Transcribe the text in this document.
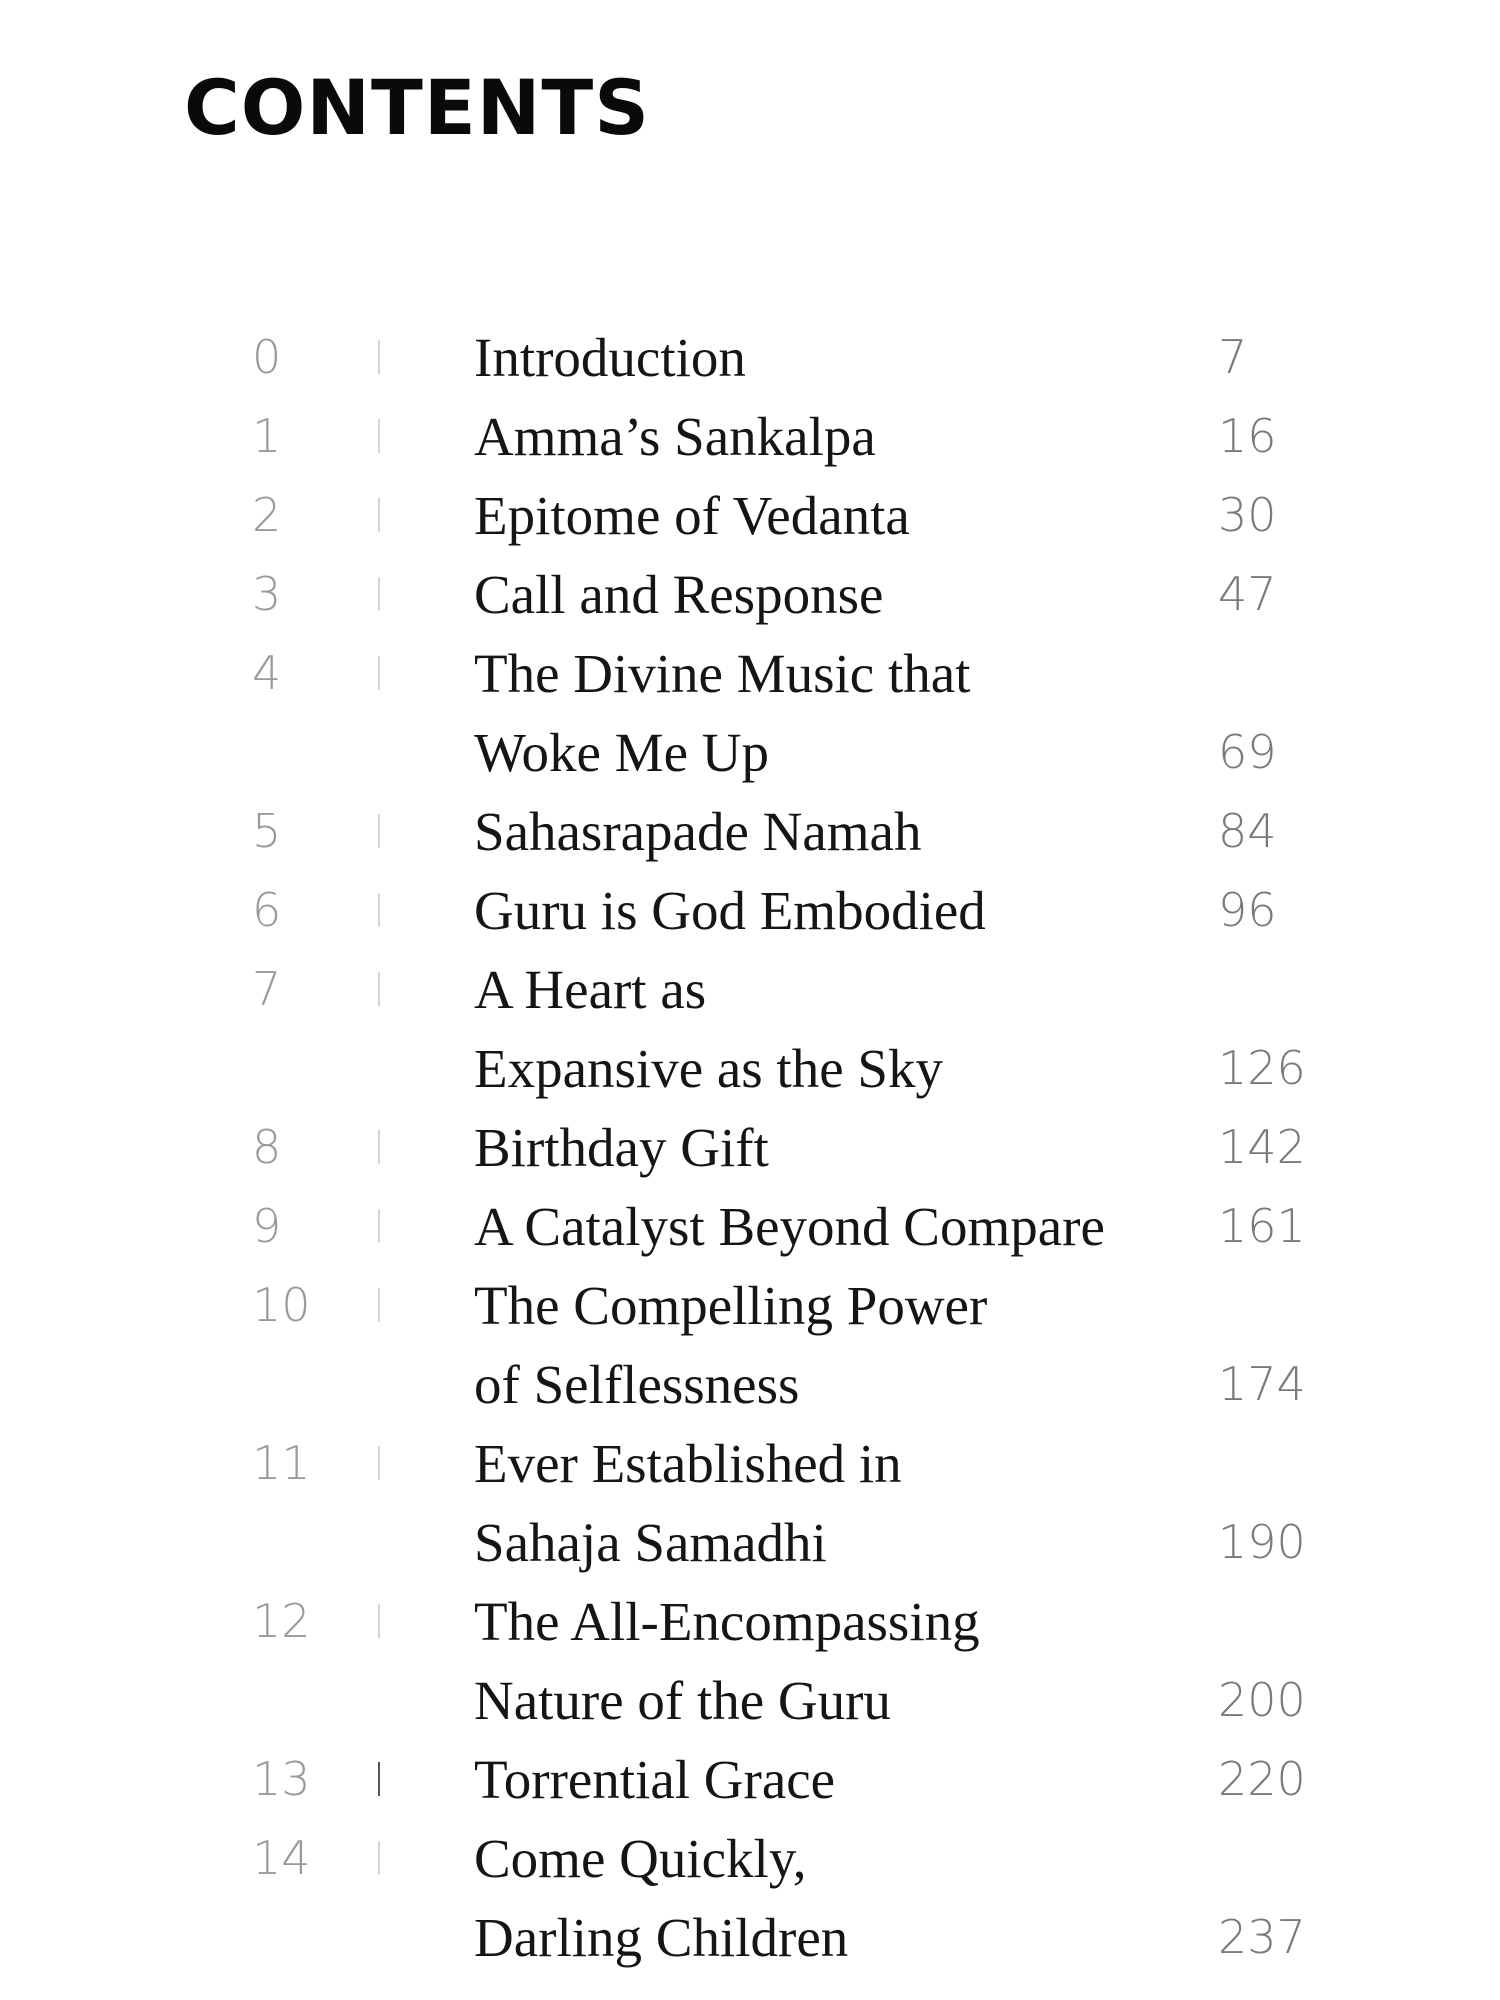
CONTENTS
0	Introduction	7
1	Amma’s Sankalpa	16
2	Epitome of Vedanta	30
3	Call and Response	47
4	The Divine Music that
Woke Me Up	69
5	Sahasrapade Namah	84
6	Guru is God Embodied	96
7	A Heart as
Expansive as the Sky	126
8	Birthday Gift	142
9	A Catalyst Beyond Compare 161
10	The Compelling Power
of Selflessness	174
11	Ever Established in
Sahaja Samadhi	190
12	The All-Encompassing
Nature of the Guru	200
13	Torrential Grace	220
14	Come Quickly,
Darling Children	237
